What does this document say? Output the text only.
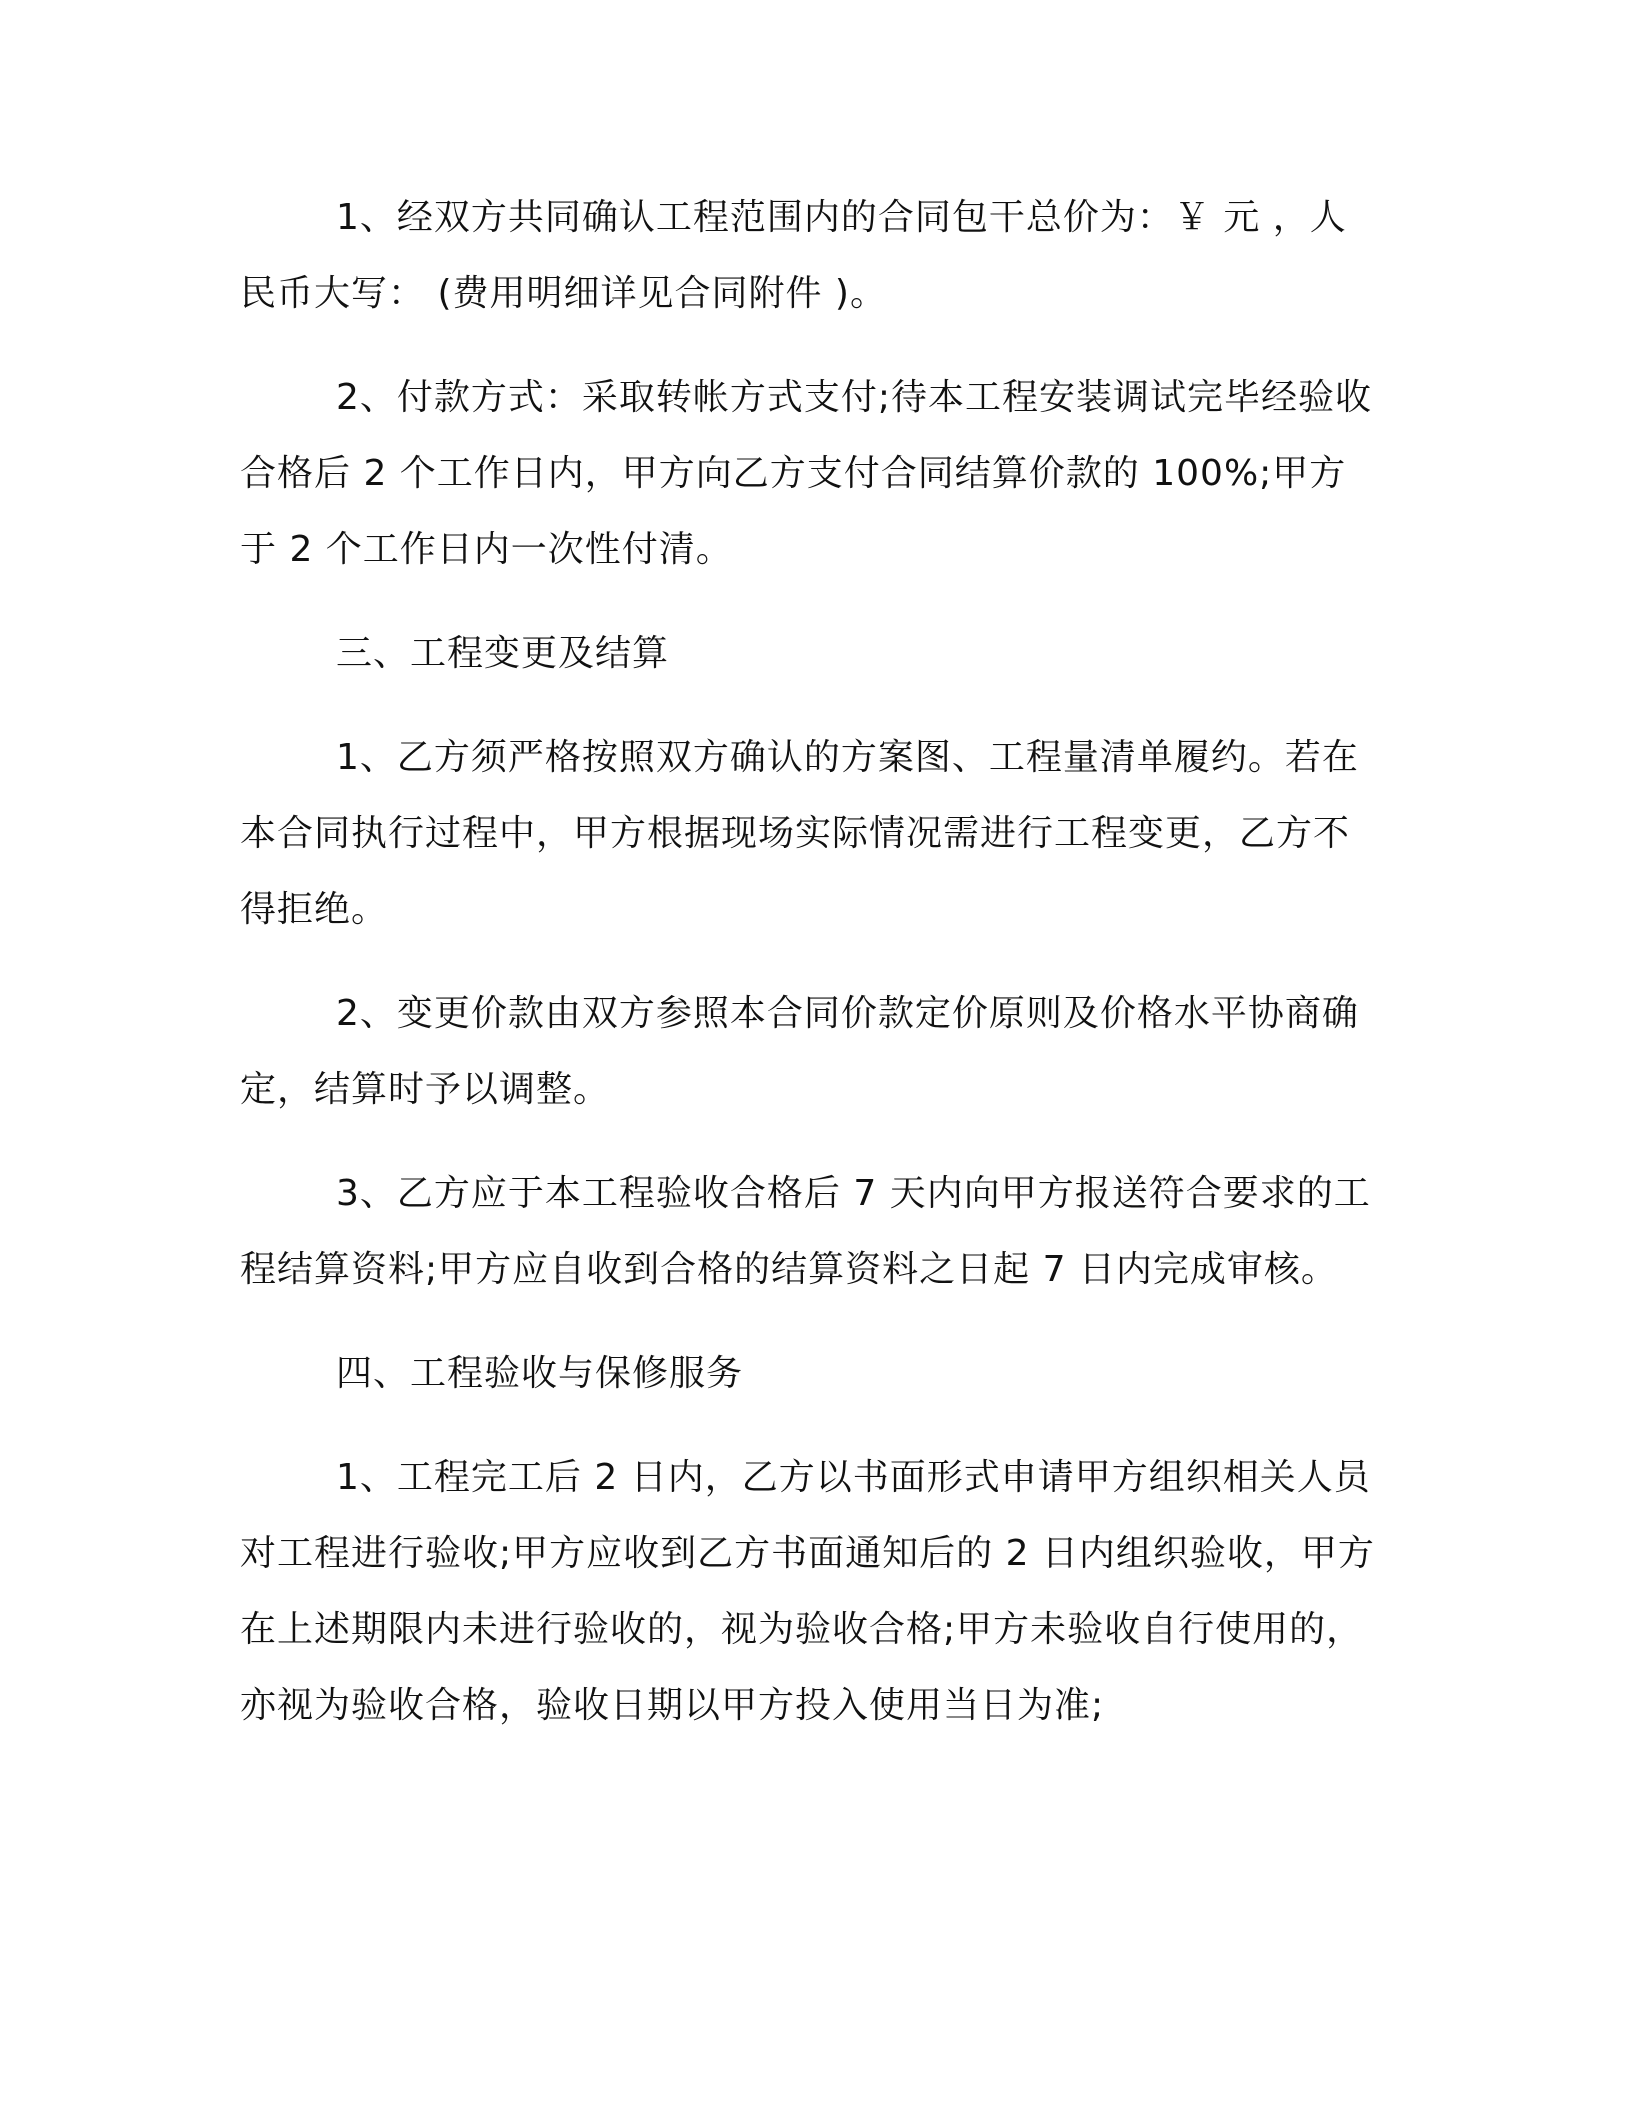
1、经双方共同确认工程范围内的合同包干总价为：￥ 元 ，人民币大写： (费用明细详见合同附件 )。

2、付款方式：采取转帐方式支付;待本工程安装调试完毕经验收合格后 2 个工作日内，甲方向乙方支付合同结算价款的 100%;甲方于 2 个工作日内一次性付清。

三、工程变更及结算

1、乙方须严格按照双方确认的方案图、工程量清单履约。若在本合同执行过程中，甲方根据现场实际情况需进行工程变更，乙方不得拒绝。

2、变更价款由双方参照本合同价款定价原则及价格水平协商确定，结算时予以调整。

3、乙方应于本工程验收合格后 7 天内向甲方报送符合要求的工程结算资料;甲方应自收到合格的结算资料之日起 7 日内完成审核。

四、工程验收与保修服务

1、工程完工后 2 日内，乙方以书面形式申请甲方组织相关人员对工程进行验收;甲方应收到乙方书面通知后的 2 日内组织验收，甲方在上述期限内未进行验收的，视为验收合格;甲方未验收自行使用的，亦视为验收合格，验收日期以甲方投入使用当日为准;
